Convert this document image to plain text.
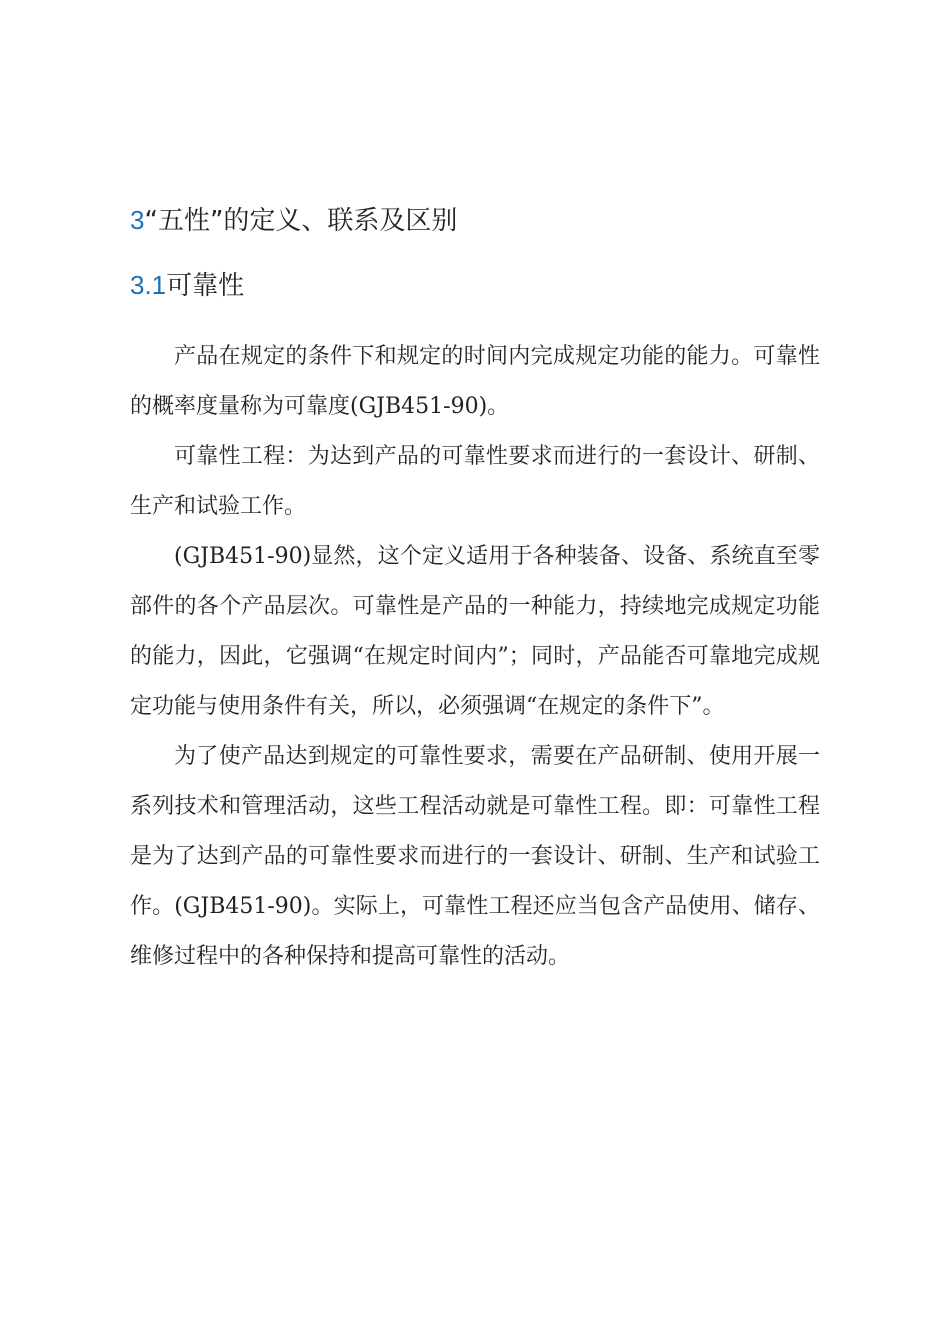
3“五性”的定义、联系及区别
3.1可靠性

产品在规定的条件下和规定的时间内完成规定功能的能力。可靠性的概率度量称为可靠度(GJB451-90)。

可靠性工程：为达到产品的可靠性要求而进行的一套设计、研制、生产和试验工作。

(GJB451-90)显然，这个定义适用于各种装备、设备、系统直至零部件的各个产品层次。可靠性是产品的一种能力，持续地完成规定功能的能力，因此，它强调“在规定时间内”；同时，产品能否可靠地完成规定功能与使用条件有关，所以，必须强调“在规定的条件下”。

为了使产品达到规定的可靠性要求，需要在产品研制、使用开展一系列技术和管理活动，这些工程活动就是可靠性工程。即：可靠性工程是为了达到产品的可靠性要求而进行的一套设计、研制、生产和试验工作。(GJB451-90)。实际上，可靠性工程还应当包含产品使用、储存、维修过程中的各种保持和提高可靠性的活动。
